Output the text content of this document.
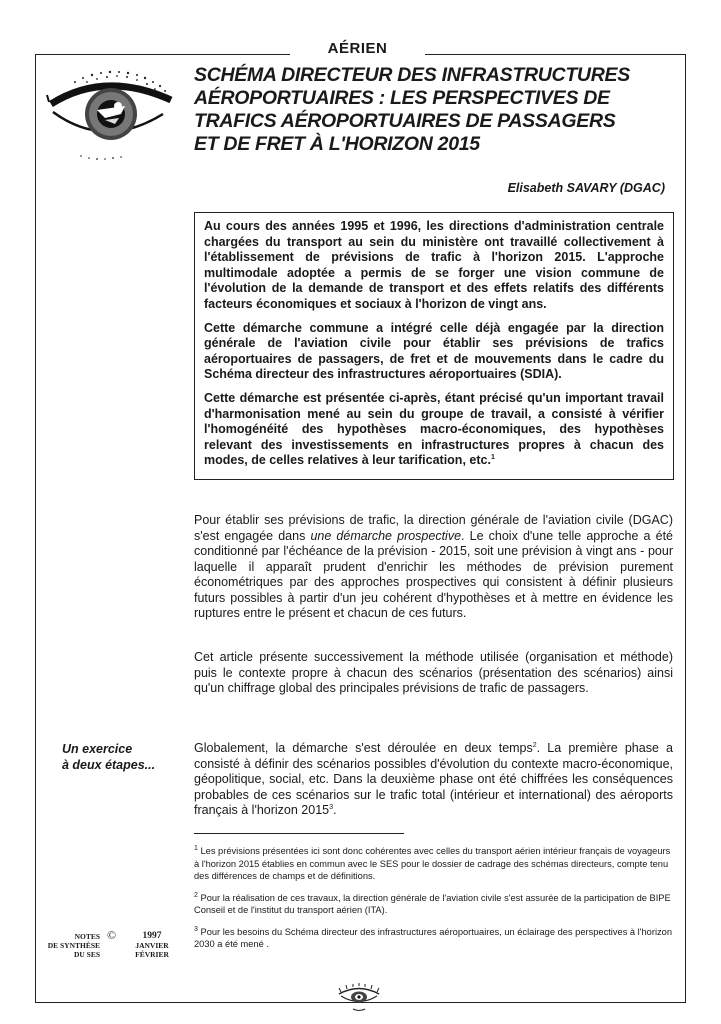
AÉRIEN
SCHÉMA DIRECTEUR DES INFRASTRUCTURES
AÉROPORTUAIRES : LES PERSPECTIVES DE
TRAFICS AÉROPORTUAIRES DE PASSAGERS
ET DE FRET À L'HORIZON 2015
Elisabeth SAVARY (DGAC)

Au cours des années 1995 et 1996, les directions d'administration centrale chargées du transport au sein du ministère ont travaillé collectivement à l'établissement de prévisions de trafic à l'horizon 2015. L'approche multimodale adoptée a permis de se forger une vision commune de l'évolution de la demande de transport et des effets relatifs des différents facteurs économiques et sociaux à l'horizon de vingt ans.

Cette démarche commune a intégré celle déjà engagée par la direction générale de l'aviation civile pour établir ses prévisions de trafics aéroportuaires de passagers, de fret et de mouvements dans le cadre du Schéma directeur des infrastructures aéroportuaires (SDIA).

Cette démarche est présentée ci-après, étant précisé qu'un important travail d'harmonisation mené au sein du groupe de travail, a consisté à vérifier l'homogénéité des hypothèses macro-économiques, des hypothèses relevant des investissements en infrastructures propres à chacun des modes, de celles relatives à leur tarification, etc.$^1$

Pour établir ses prévisions de trafic, la direction générale de l'aviation civile (DGAC) s'est engagée dans une démarche prospective. Le choix d'une telle approche a été conditionné par l'échéance de la prévision - 2015, soit une prévision à vingt ans - pour laquelle il apparaît prudent d'enrichir les méthodes de prévision purement économétriques par des approches prospectives qui consistent à définir plusieurs futurs possibles à partir d'un jeu cohérent d'hypothèses et à mettre en évidence les ruptures entre le présent et chacun de ces futurs.

Cet article présente successivement la méthode utilisée (organisation et méthode) puis le contexte propre à chacun des scénarios (présentation des scénarios) ainsi qu'un chiffrage global des principales prévisions de trafic de passagers.

Globalement, la démarche s'est déroulée en deux temps$^2$. La première phase a consisté à définir des scénarios possibles d'évolution du contexte macro-économique, géopolitique, social, etc. Dans la deuxième phase ont été chiffrées les conséquences probables de ces scénarios sur le trafic total (intérieur et international) des aéroports français à l'horizon 2015$^3$.

Un exercice
à deux étapes...

$^1$ Les prévisions présentées ici sont donc cohérentes avec celles du transport aérien intérieur français de voyageurs à l'horizon 2015 établies en commun avec le SES pour le dossier de cadrage des schémas directeurs, compte tenu des différences de champs et de définitions.

$^2$ Pour la réalisation de ces travaux, la direction générale de l'aviation civile s'est assurée de la participation de BIPE Conseil et de l'institut du transport aérien (ITA).

$^3$ Pour les besoins du Schéma directeur des infrastructures aéroportuaires, un éclairage des perspectives à l'horizon 2030 a été mené .

NOTES
DE SYNTHÈSE
DU SES
©	1997
JANVIER
FÉVRIER
